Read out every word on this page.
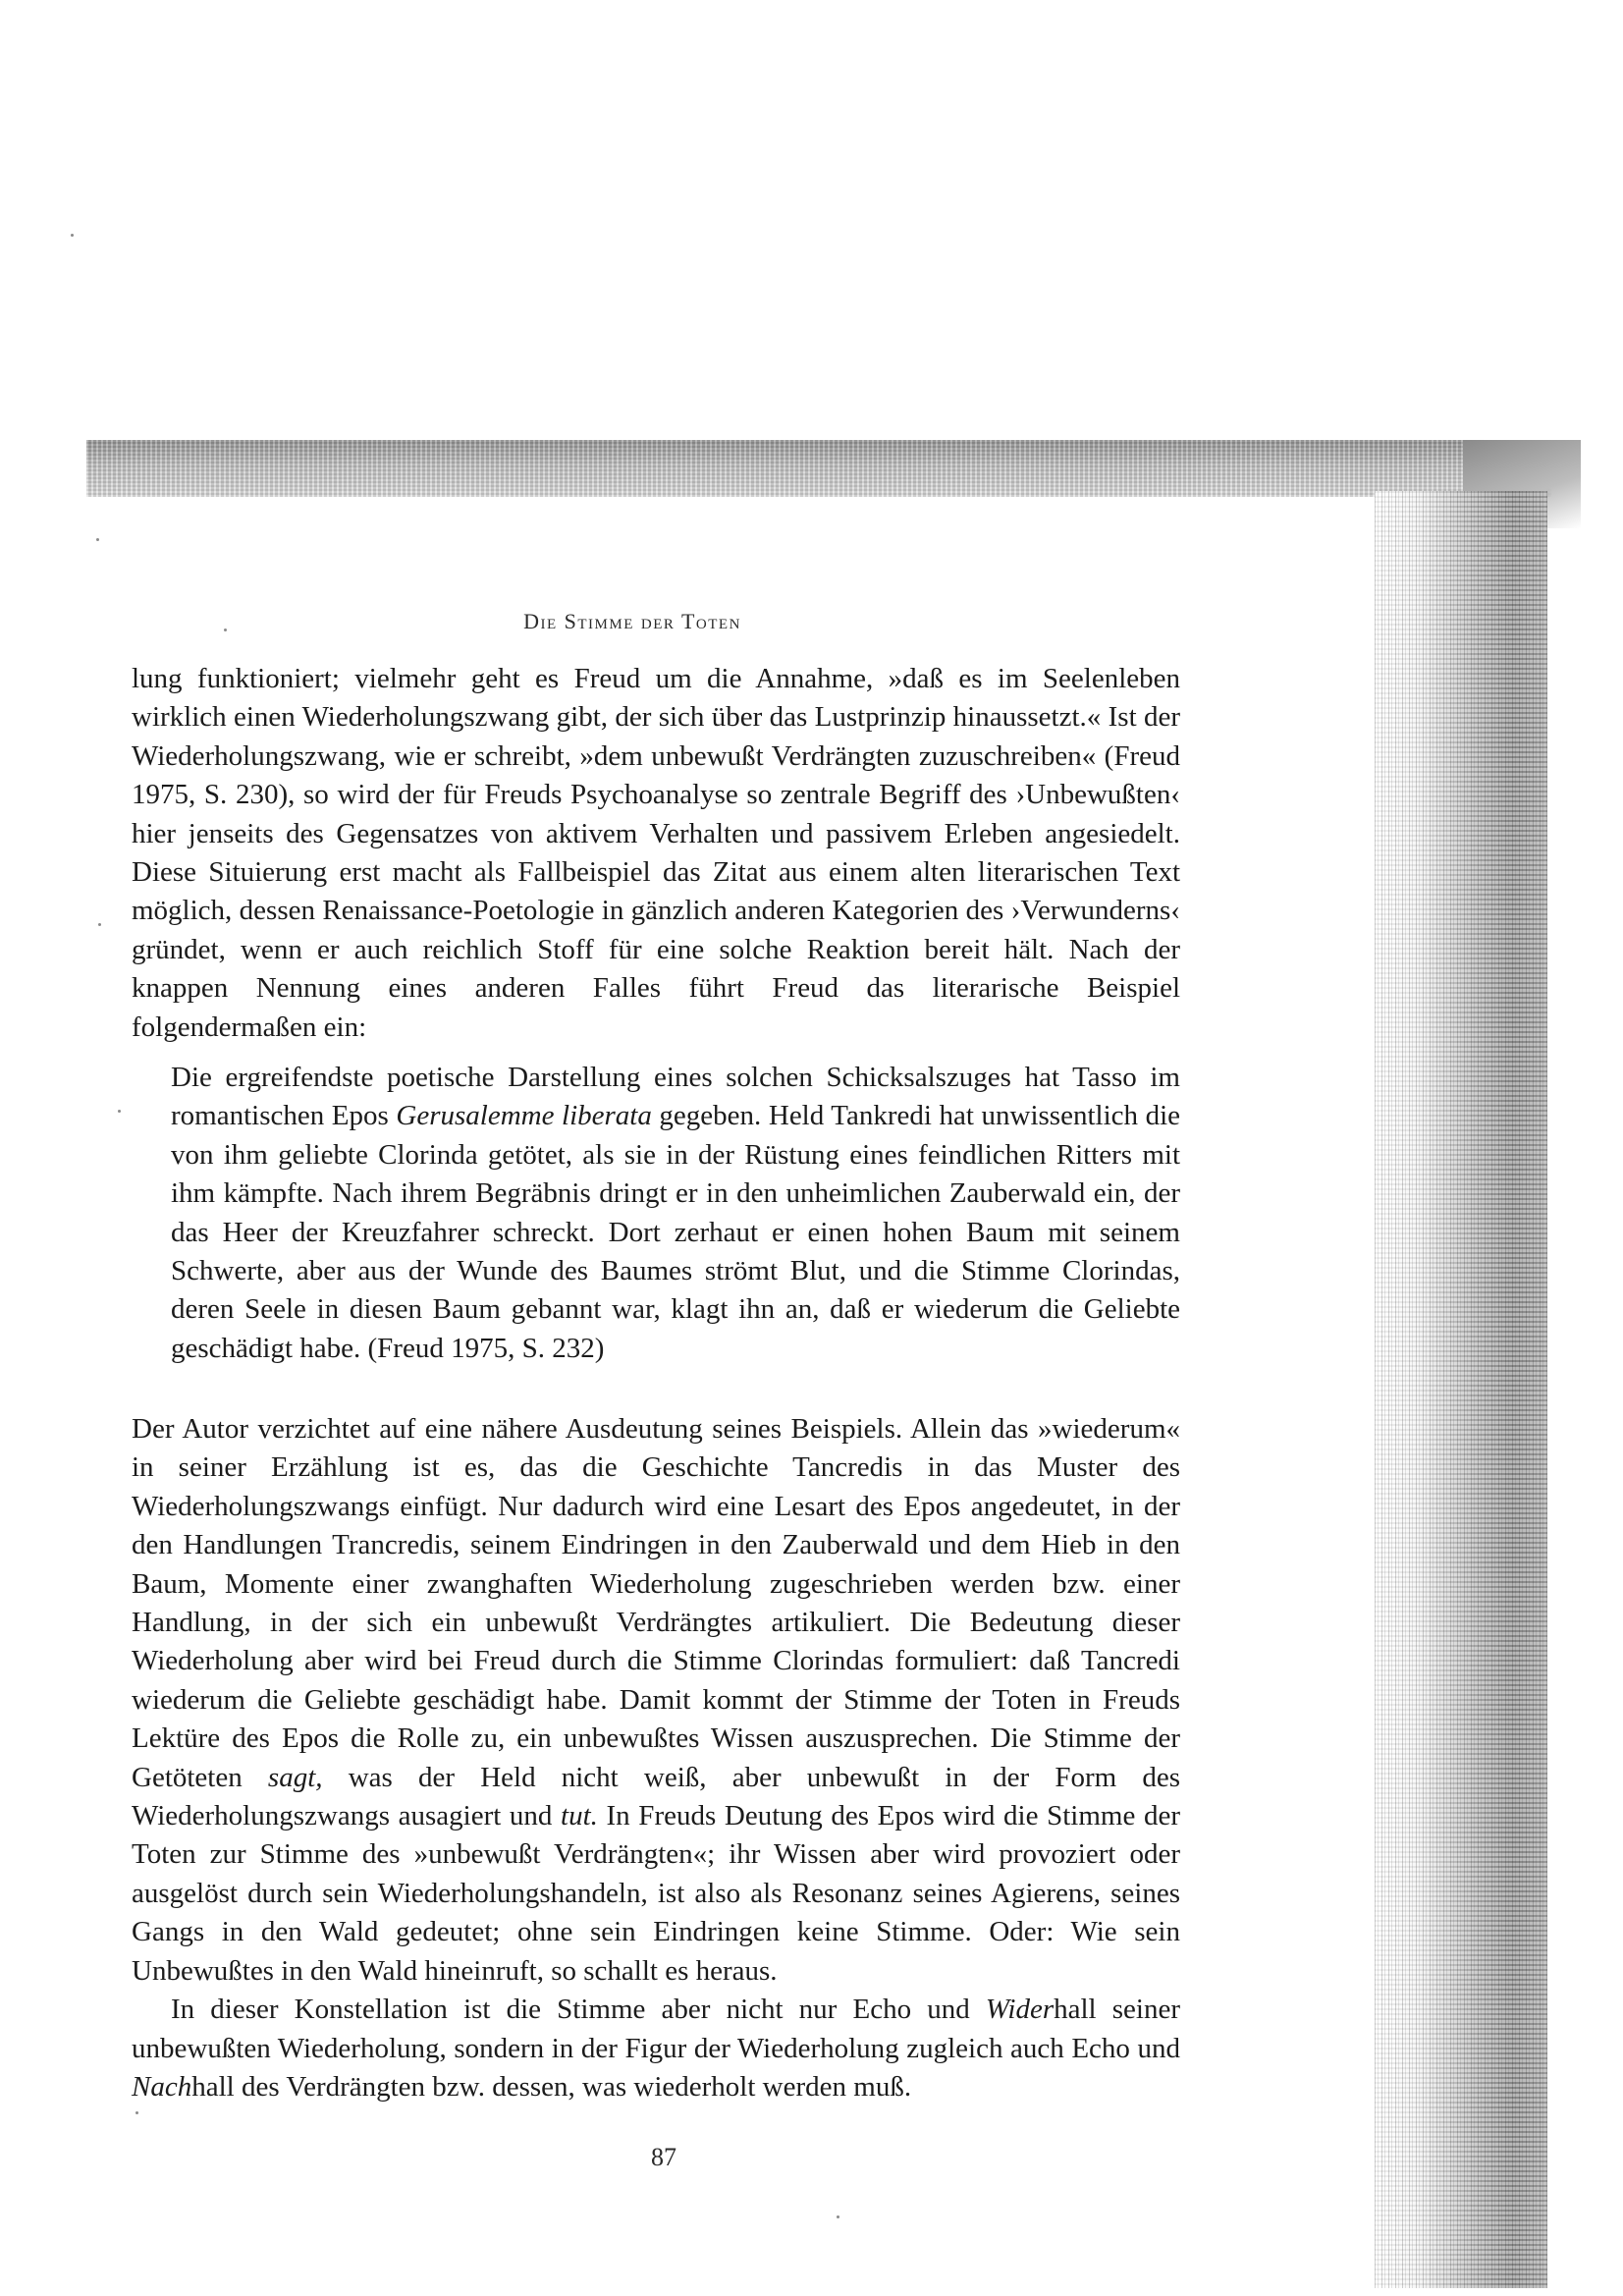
Die Stimme der Toten

lung funktioniert; vielmehr geht es Freud um die Annahme, »daß es im Seelenleben wirklich einen Wiederholungszwang gibt, der sich über das Lustprinzip hinaussetzt.« Ist der Wiederholungszwang, wie er schreibt, »dem unbewußt Verdrängten zuzuschreiben« (Freud 1975, S. 230), so wird der für Freuds Psychoanalyse so zentrale Begriff des ›Unbewußten‹ hier jenseits des Gegensatzes von aktivem Verhalten und passivem Erleben angesiedelt. Diese Situierung erst macht als Fallbeispiel das Zitat aus einem alten literarischen Text möglich, dessen Renaissance-Poetologie in gänzlich anderen Kategorien des ›Verwunderns‹ gründet, wenn er auch reichlich Stoff für eine solche Reaktion bereit hält. Nach der knappen Nennung eines anderen Falles führt Freud das literarische Beispiel folgendermaßen ein:

Die ergreifendste poetische Darstellung eines solchen Schicksalszuges hat Tasso im romantischen Epos Gerusalemme liberata gegeben. Held Tankredi hat unwissentlich die von ihm geliebte Clorinda getötet, als sie in der Rüstung eines feindlichen Ritters mit ihm kämpfte. Nach ihrem Begräbnis dringt er in den unheimlichen Zauberwald ein, der das Heer der Kreuzfahrer schreckt. Dort zerhaut er einen hohen Baum mit seinem Schwerte, aber aus der Wunde des Baumes strömt Blut, und die Stimme Clorindas, deren Seele in diesen Baum gebannt war, klagt ihn an, daß er wiederum die Geliebte geschädigt habe. (Freud 1975, S. 232)

Der Autor verzichtet auf eine nähere Ausdeutung seines Beispiels. Allein das »wiederum« in seiner Erzählung ist es, das die Geschichte Tancredis in das Muster des Wiederholungszwangs einfügt. Nur dadurch wird eine Lesart des Epos angedeutet, in der den Handlungen Trancredis, seinem Eindringen in den Zauberwald und dem Hieb in den Baum, Momente einer zwanghaften Wiederholung zugeschrieben werden bzw. einer Handlung, in der sich ein unbewußt Verdrängtes artikuliert. Die Bedeutung dieser Wiederholung aber wird bei Freud durch die Stimme Clorindas formuliert: daß Tancredi wiederum die Geliebte geschädigt habe. Damit kommt der Stimme der Toten in Freuds Lektüre des Epos die Rolle zu, ein unbewußtes Wissen auszusprechen. Die Stimme der Getöteten sagt, was der Held nicht weiß, aber unbewußt in der Form des Wiederholungszwangs ausagiert und tut. In Freuds Deutung des Epos wird die Stimme der Toten zur Stimme des »unbewußt Verdrängten«; ihr Wissen aber wird provoziert oder ausgelöst durch sein Wiederholungshandeln, ist also als Resonanz seines Agierens, seines Gangs in den Wald gedeutet; ohne sein Eindringen keine Stimme. Oder: Wie sein Unbewußtes in den Wald hineinruft, so schallt es heraus.

In dieser Konstellation ist die Stimme aber nicht nur Echo und Widerhall seiner unbewußten Wiederholung, sondern in der Figur der Wiederholung zugleich auch Echo und Nachhall des Verdrängten bzw. dessen, was wiederholt werden muß.

87
